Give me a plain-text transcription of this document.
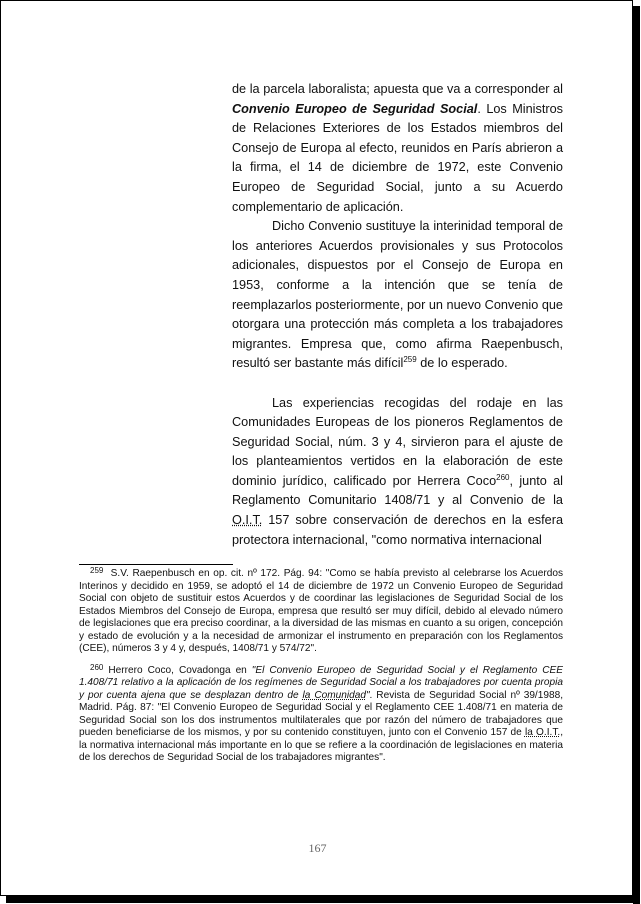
de la parcela laboralista; apuesta que va a corresponder al Convenio Europeo de Seguridad Social. Los Ministros de Relaciones Exteriores de los Estados miembros del Consejo de Europa al efecto, reunidos en París abrieron a la firma, el 14 de diciembre de 1972, este Convenio Europeo de Seguridad Social, junto a su Acuerdo complementario de aplicación.

Dicho Convenio sustituye la interinidad temporal de los anteriores Acuerdos provisionales y sus Protocolos adicionales, dispuestos por el Consejo de Europa en 1953, conforme a la intención que se tenía de reemplazarlos posteriormente, por un nuevo Convenio que otorgara una protección más completa a los trabajadores migrantes. Empresa que, como afirma Raepenbusch, resultó ser bastante más difícil$^{259}$ de lo esperado.

Las experiencias recogidas del rodaje en las Comunidades Europeas de los pioneros Reglamentos de Seguridad Social, núm. 3 y 4, sirvieron para el ajuste de los planteamientos vertidos en la elaboración de este dominio jurídico, calificado por Herrera Coco$^{260}$, junto al Reglamento Comunitario 1408/71 y al Convenio de la O.I.T. 157 sobre conservación de derechos en la esfera protectora internacional, "como normativa internacional

$^{259}$ S.V. Raepenbusch en op. cit. nº 172. Pág. 94: "Como se había previsto al celebrarse los Acuerdos Interinos y decidido en 1959, se adoptó el 14 de diciembre de 1972 un Convenio Europeo de Seguridad Social con objeto de sustituir estos Acuerdos y de coordinar las legislaciones de Seguridad Social de los Estados Miembros del Consejo de Europa, empresa que resultó ser muy difícil, debido al elevado número de legislaciones que era preciso coordinar, a la diversidad de las mismas en cuanto a su origen, concepción y estado de evolución y a la necesidad de armonizar el instrumento en preparación con los Reglamentos (CEE), números 3 y 4 y, después, 1408/71 y 574/72".

$^{260}$ Herrero Coco, Covadonga en "El Convenio Europeo de Seguridad Social y el Reglamento CEE 1.408/71 relativo a la aplicación de los regímenes de Seguridad Social a los trabajadores por cuenta propia y por cuenta ajena que se desplazan dentro de la Comunidad". Revista de Seguridad Social nº 39/1988, Madrid. Pág. 87: "El Convenio Europeo de Seguridad Social y el Reglamento CEE 1.408/71 en materia de Seguridad Social son los dos instrumentos multilaterales que por razón del número de trabajadores que pueden beneficiarse de los mismos, y por su contenido constituyen, junto con el Convenio 157 de la O.I.T., la normativa internacional más importante en lo que se refiere a la coordinación de legislaciones en materia de los derechos de Seguridad Social de los trabajadores migrantes".

167
